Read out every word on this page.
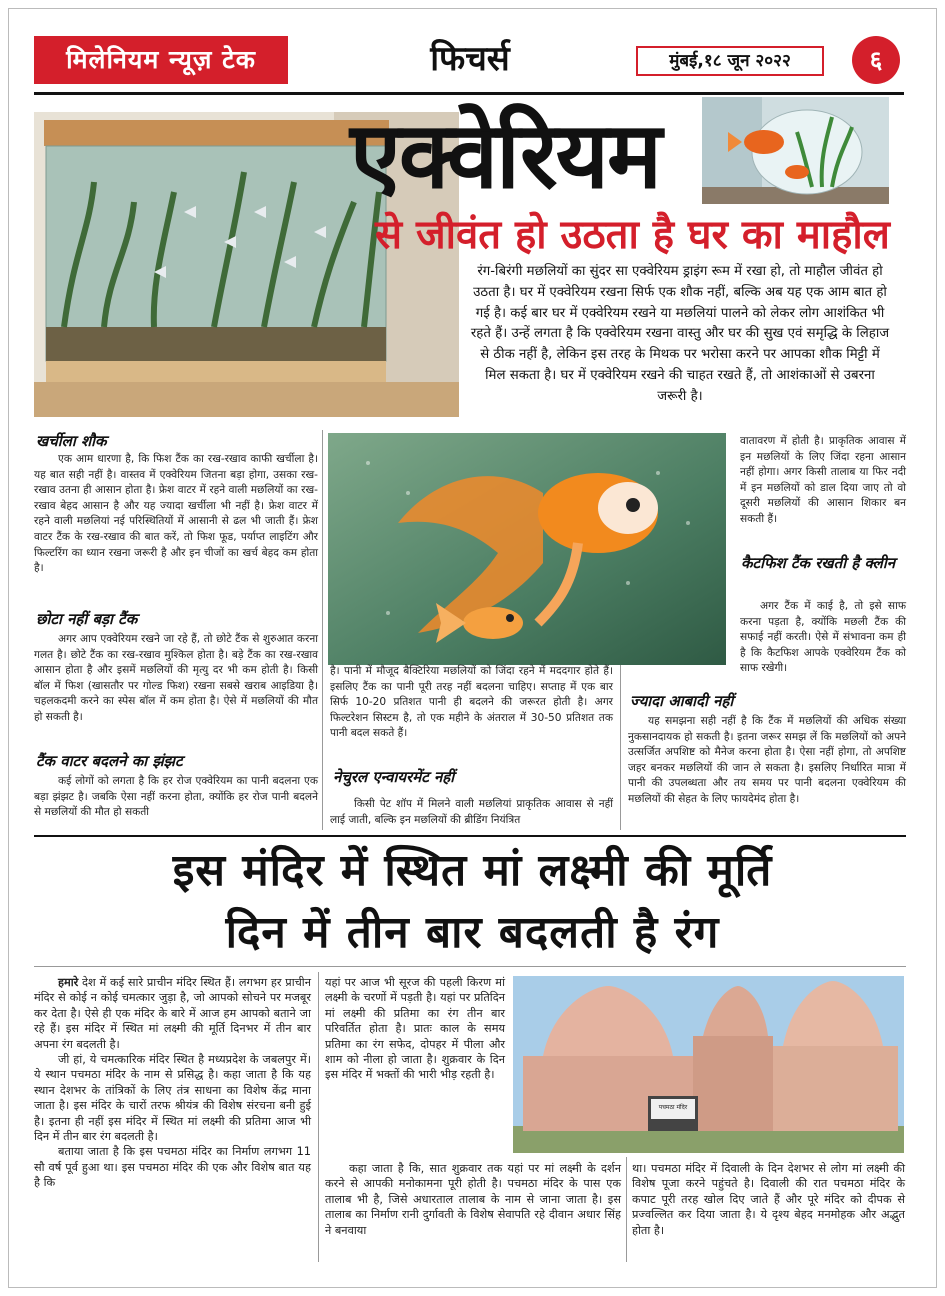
मिलेनियम न्यूज़ टेक	फिचर्स	मुंबई,१८ जून २०२२	६
एक्वेरियम
से जीवंत हो उठता है घर का माहौल
रंग-बिरंगी मछलियों का सुंदर सा एक्वेरियम ड्राइंग रूम में रखा हो, तो माहौल जीवंत हो उठता है। घर में एक्वेरियम रखना सिर्फ एक शौक नहीं, बल्कि अब यह एक आम बात हो गई है। कई बार घर में एक्वेरियम रखने या मछलियां पालने को लेकर लोग आशंकित भी रहते हैं। उन्हें लगता है कि एक्वेरियम रखना वास्तु और घर की सुख एवं समृद्धि के लिहाज से ठीक नहीं है, लेकिन इस तरह के मिथक पर भरोसा करने पर आपका शौक मिट्टी में मिल सकता है। घर में एक्वेरियम रखने की चाहत रखते हैं, तो आशंकाओं से उबरना जरूरी है।
खर्चीला शौक
एक आम धारणा है, कि फिश टैंक का रख-रखाव काफी खर्चीला है। यह बात सही नहीं है। वास्तव में एक्वेरियम जितना बड़ा होगा, उसका रख-रखाव उतना ही आसान होता है। फ्रेश वाटर में रहने वाली मछलियों का रख-रखाव बेहद आसान है और यह ज्यादा खर्चीला भी नहीं है। फ्रेश वाटर में रहने वाली मछलियां नई परिस्थितियों में आसानी से ढल भी जाती हैं। फ्रेश वाटर टैंक के रख-रखाव की बात करें, तो फिश फूड, पर्याप्त लाइटिंग और फिल्टरिंग का ध्यान रखना जरूरी है और इन चीजों का खर्च बेहद कम होता है।
छोटा नहीं बड़ा टैंक
अगर आप एक्वेरियम रखने जा रहे हैं, तो छोटे टैंक से शुरुआत करना गलत है। छोटे टैंक का रख-रखाव मुश्किल होता है। बड़े टैंक का रख-रखाव आसान होता है और इसमें मछलियों की मृत्यु दर भी कम होती है। किसी बॉल में फिश (खासतौर पर गोल्ड फिश) रखना सबसे खराब आइडिया है। चहलकदमी करने का स्पेस बॉल में कम होता है। ऐसे में मछलियों की मौत हो सकती है।
टैंक वाटर बदलने का झंझट
कई लोगों को लगता है कि हर रोज एक्वेरियम का पानी बदलना एक बड़ा झंझट है। जबकि ऐसा नहीं करना होता, क्योंकि हर रोज पानी बदलने से मछलियों की मौत हो सकती
है। पानी में मौजूद बैक्टिरिया मछलियों को जिंदा रहने में मददगार होते हैं। इसलिए टैंक का पानी पूरी तरह नहीं बदलना चाहिए। सप्ताह में एक बार सिर्फ 10-20 प्रतिशत पानी ही बदलने की जरूरत होती है। अगर फिल्टरेशन सिस्टम है, तो एक महीने के अंतराल में 30-50 प्रतिशत तक पानी बदल सकते हैं।
नेचुरल एन्वायरमेंट नहीं
किसी पेट शॉप में मिलने वाली मछलियां प्राकृतिक आवास से नहीं लाई जाती, बल्कि इन मछलियों की ब्रीडिंग नियंत्रित
वातावरण में होती है। प्राकृतिक आवास में इन मछलियों के लिए जिंदा रहना आसान नहीं होगा। अगर किसी तालाब या फिर नदी में इन मछलियों को डाल दिया जाए तो वो दूसरी मछलियों की आसान शिकार बन सकती हैं।
कैटफिश टैंक रखती है क्लीन
अगर टैंक में काई है, तो इसे साफ करना पड़ता है, क्योंकि मछली टैंक की सफाई नहीं करती। ऐसे में संभावना कम ही है कि कैटफिश आपके एक्वेरियम टैंक को साफ रखेगी।
ज्यादा आबादी नहीं
यह समझना सही नहीं है कि टैंक में मछलियों की अधिक संख्या नुकसानदायक हो सकती है। इतना जरूर समझ लें कि मछलियों को अपने उत्सर्जित अपशिष्ट को मैनेज करना होता है। ऐसा नहीं होगा, तो अपशिष्ट जहर बनकर मछलियों की जान ले सकता है। इसलिए निर्धारित मात्रा में पानी की उपलब्धता और तय समय पर पानी बदलना एक्वेरियम की मछलियों की सेहत के लिए फायदेमंद होता है।
इस मंदिर में स्थित मां लक्ष्मी की मूर्ति
दिन में तीन बार बदलती है रंग

हमारे देश में कई सारे प्राचीन मंदिर स्थित हैं। लगभग हर प्राचीन मंदिर से कोई न कोई चमत्कार जुड़ा है, जो आपको सोचने पर मजबूर कर देता है। ऐसे ही एक मंदिर के बारे में आज हम आपको बताने जा रहे हैं। इस मंदिर में स्थित मां लक्ष्मी की मूर्ति दिनभर में तीन बार अपना रंग बदलती है।

जी हां, ये चमत्कारिक मंदिर स्थित है मध्यप्रदेश के जबलपुर में। ये स्थान पचमठा मंदिर के नाम से प्रसिद्ध है। कहा जाता है कि यह स्थान देशभर के तांत्रिकों के लिए तंत्र साधना का विशेष केंद्र माना जाता है। इस मंदिर के चारों तरफ श्रीयंत्र की विशेष संरचना बनी हुई है। इतना ही नहीं इस मंदिर में स्थित मां लक्ष्मी की प्रतिमा आज भी दिन में तीन बार रंग बदलती है।

बताया जाता है कि इस पचमठा मंदिर का निर्माण लगभग 11 सौ वर्ष पूर्व हुआ था। इस पचमठा मंदिर की एक और विशेष बात यह है कि

यहां पर आज भी सूरज की पहली किरण मां लक्ष्मी के चरणों में पड़ती है। यहां पर प्रतिदिन मां लक्ष्मी की प्रतिमा का रंग तीन बार परिवर्तित होता है। प्रातः काल के समय प्रतिमा का रंग सफेद, दोपहर में पीला और शाम को नीला हो जाता है। शुक्रवार के दिन इस मंदिर में भक्तों की भारी भीड़ रहती है।
कहा जाता है कि, सात शुक्रवार तक यहां पर मां लक्ष्मी के दर्शन करने से आपकी मनोकामना पूरी होती है। पचमठा मंदिर के पास एक तालाब भी है, जिसे अधारताल तालाब के नाम से जाना जाता है। इस तालाब का निर्माण रानी दुर्गावती के विशेष सेवापति रहे दीवान अधार सिंह ने बनवाया
पचमठा मंदिर
था। पचमठा मंदिर में दिवाली के दिन देशभर से लोग मां लक्ष्मी की विशेष पूजा करने पहुंचते है। दिवाली की रात पचमठा मंदिर के कपाट पूरी तरह खोल दिए जाते हैं और पूरे मंदिर को दीपक से प्रज्वल्लित कर दिया जाता है। ये दृश्य बेहद मनमोहक और अद्भुत होता है।
